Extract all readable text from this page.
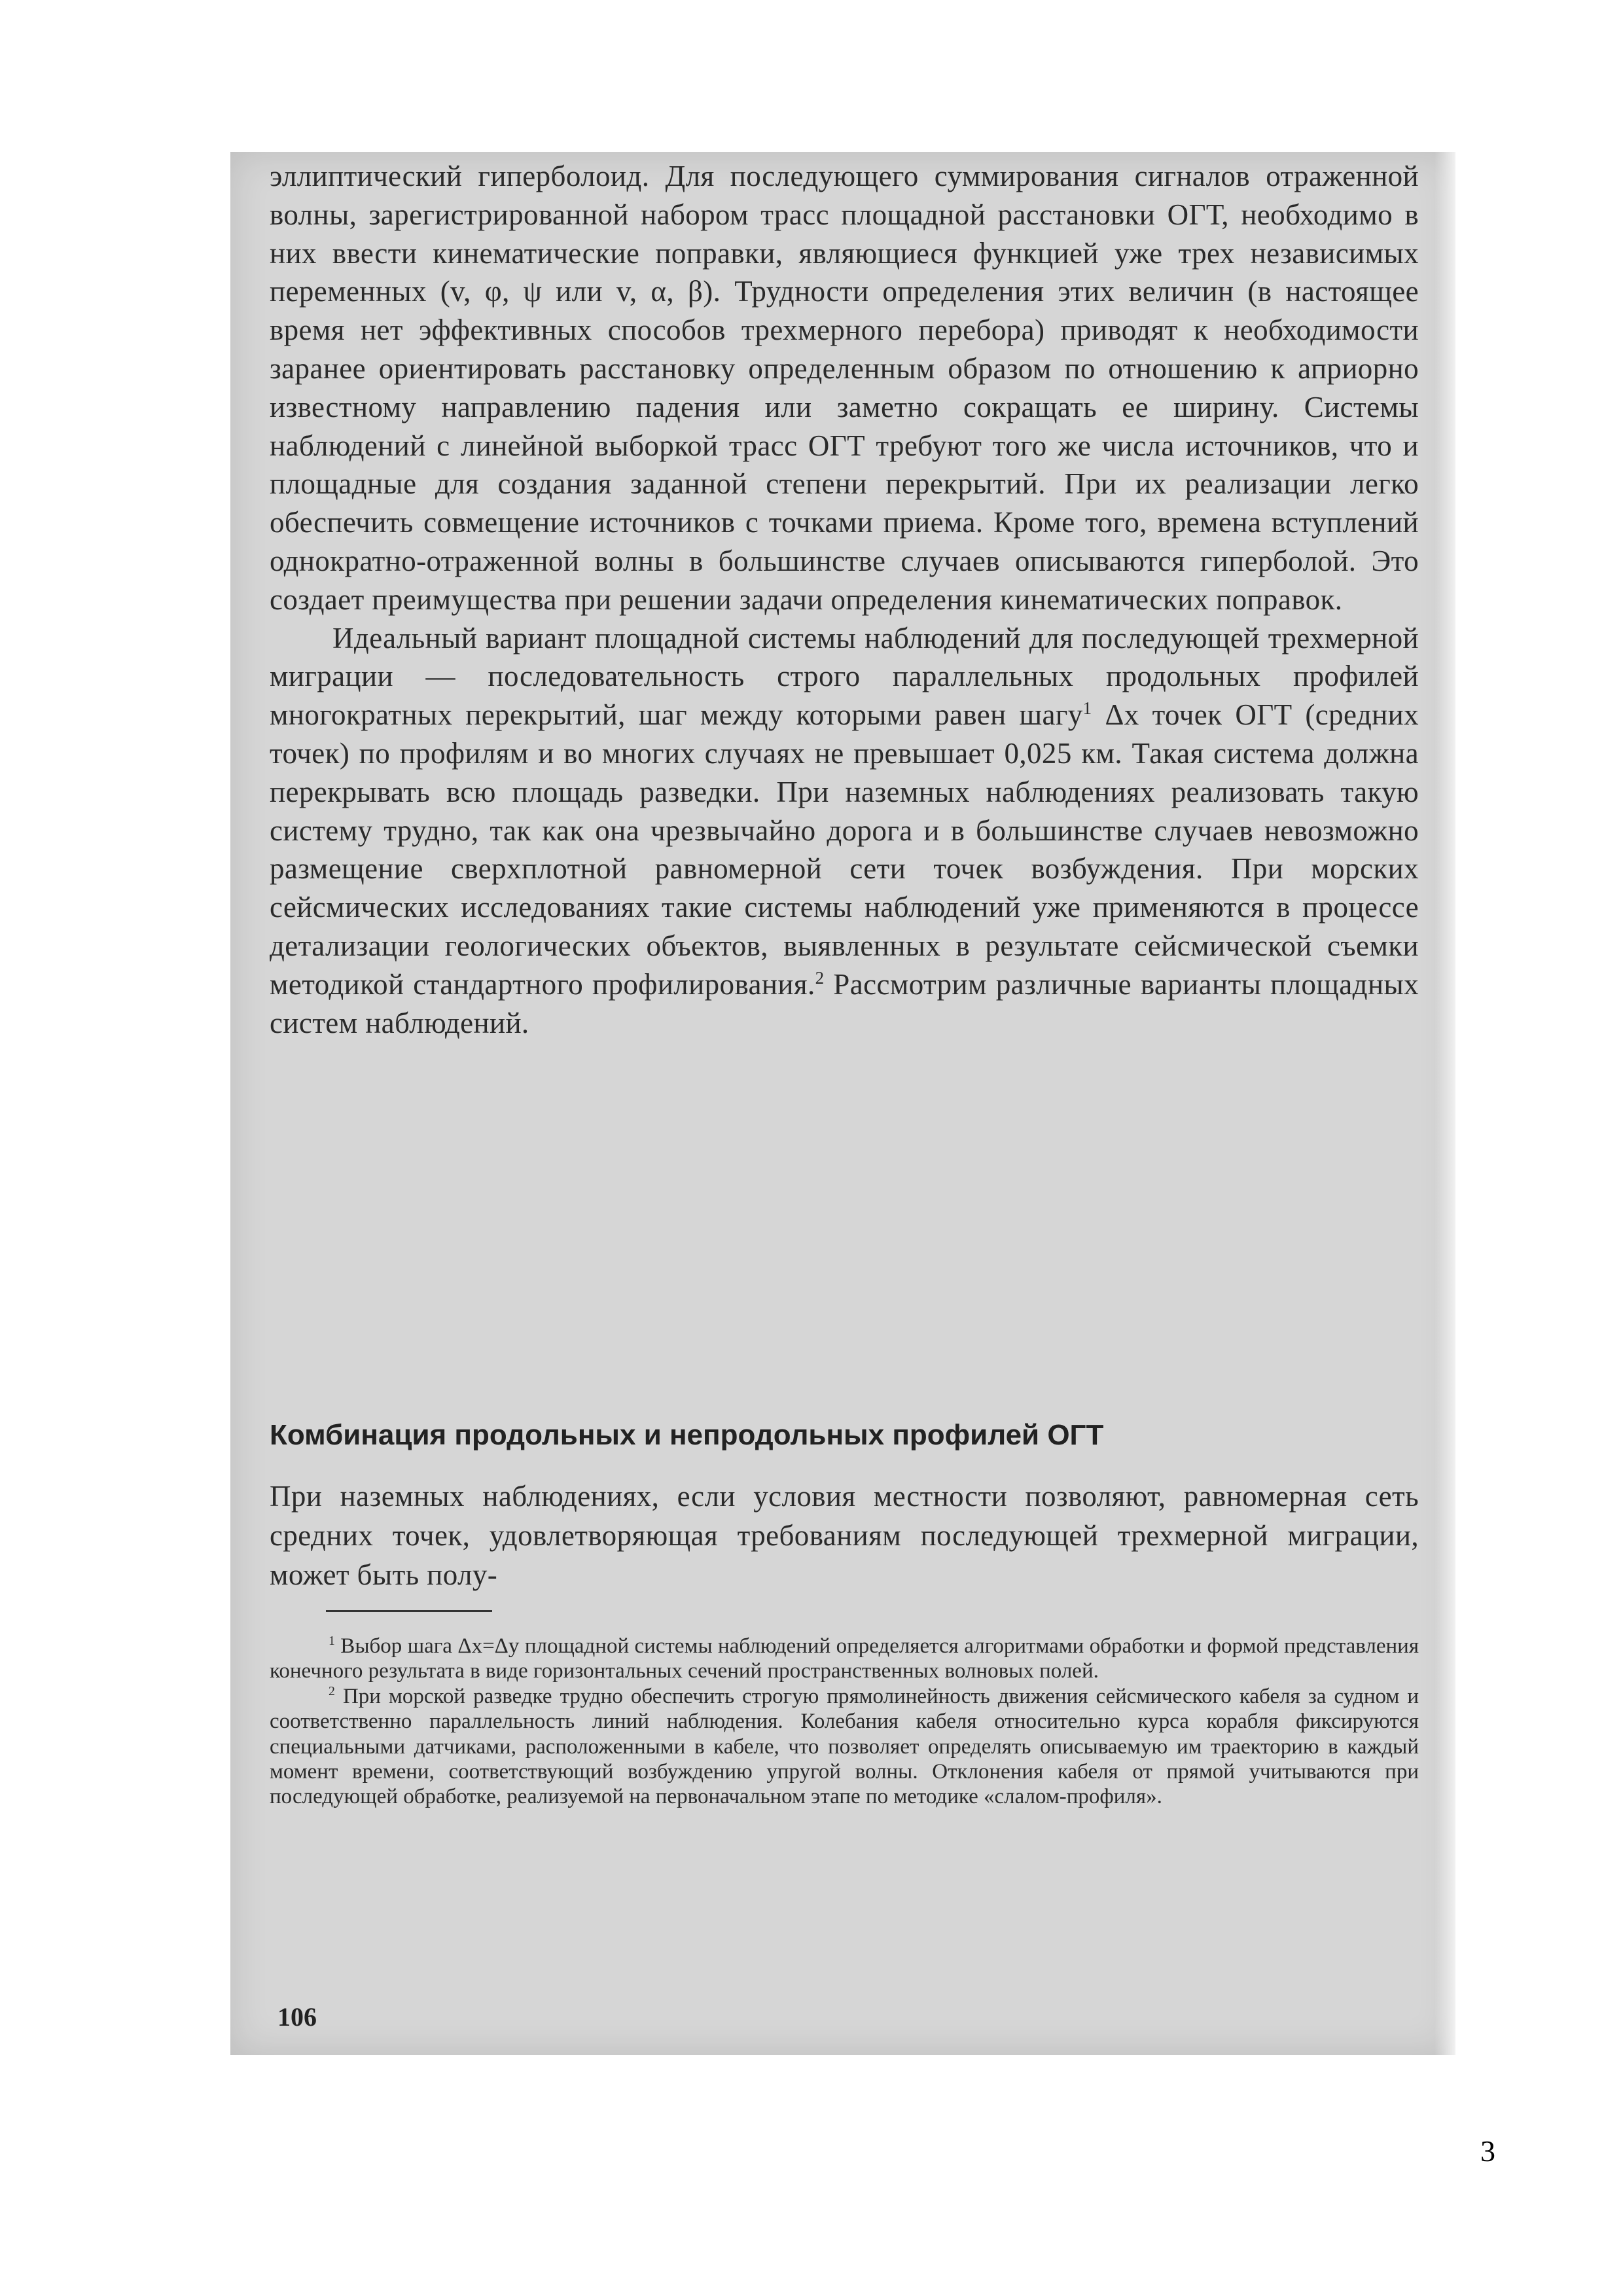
эллиптический гиперболоид. Для последующего суммирования сигналов отраженной волны, зарегистрированной набором трасс площадной расстановки ОГТ, необходимо в них ввести кинематические поправки, являющиеся функцией уже трех независимых переменных (v, φ, ψ или v, α, β). Трудности определения этих величин (в настоящее время нет эффективных способов трехмерного перебора) приводят к необходимости заранее ориентировать расстановку определенным образом по отношению к априорно известному направлению падения или заметно сокращать ее ширину. Системы наблюдений с линейной выборкой трасс ОГТ требуют того же числа источников, что и площадные для создания заданной степени перекрытий. При их реализации легко обеспечить совмещение источников с точками приема. Кроме того, времена вступлений однократно-отраженной волны в большинстве случаев описываются гиперболой. Это создает преимущества при решении задачи определения кинематических поправок.

Идеальный вариант площадной системы наблюдений для последующей трехмерной миграции — последовательность строго параллельных продольных профилей многократных перекрытий, шаг между которыми равен шагу$^1$ Δx точек ОГТ (средних точек) по профилям и во многих случаях не превышает 0,025 км. Такая система должна перекрывать всю площадь разведки. При наземных наблюдениях реализовать такую систему трудно, так как она чрезвычайно дорога и в большинстве случаев невозможно размещение сверхплотной равномерной сети точек возбуждения. При морских сейсмических исследованиях такие системы наблюдений уже применяются в процессе детализации геологических объектов, выявленных в результате сейсмической съемки методикой стандартного профилирования.$^2$ Рассмотрим различные варианты площадных систем наблюдений.

Комбинация продольных и непродольных профилей ОГТ
При наземных наблюдениях, если условия местности позволяют, равномерная сеть средних точек, удовлетворяющая требованиям последующей трехмерной миграции, может быть полу-

$^1$ Выбор шага Δx=Δy площадной системы наблюдений определяется алгоритмами обработки и формой представления конечного результата в виде горизонтальных сечений пространственных волновых полей.

$^2$ При морской разведке трудно обеспечить строгую прямолинейность движения сейсмического кабеля за судном и соответственно параллельность линий наблюдения. Колебания кабеля относительно курса корабля фиксируются специальными датчиками, расположенными в кабеле, что позволяет определять описываемую им траекторию в каждый момент времени, соответствующий возбуждению упругой волны. Отклонения кабеля от прямой учитываются при последующей обработке, реализуемой на первоначальном этапе по методике «слалом-профиля».

106
3
